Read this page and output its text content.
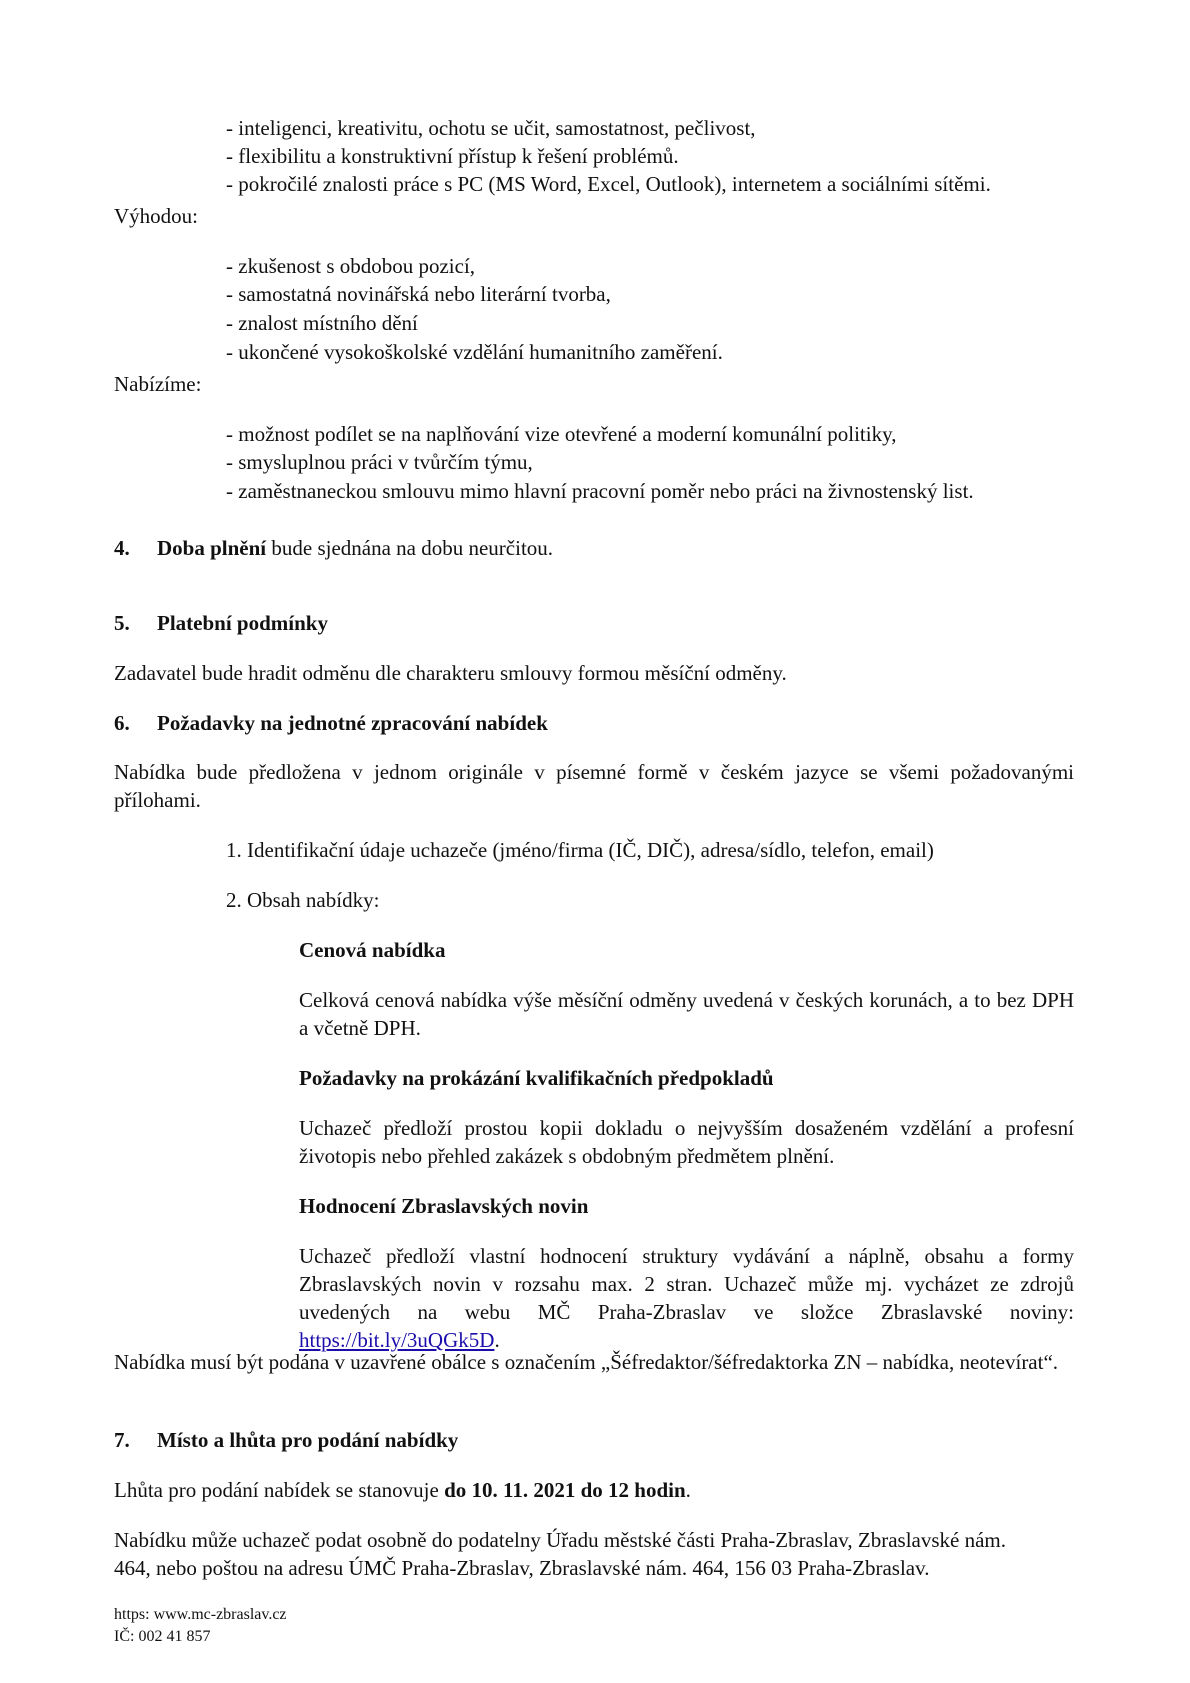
- inteligenci, kreativitu, ochotu se učit, samostatnost, pečlivost,

- flexibilitu a konstruktivní přístup k řešení problémů.

- pokročilé znalosti práce s PC (MS Word, Excel, Outlook), internetem a sociálními sítěmi.

Výhodou:

- zkušenost s obdobou pozicí,

- samostatná novinářská nebo literární tvorba,

- znalost místního dění

- ukončené vysokoškolské vzdělání humanitního zaměření.

Nabízíme:

- možnost podílet se na naplňování vize otevřené a moderní komunální politiky,

- smysluplnou práci v tvůrčím týmu,

- zaměstnaneckou smlouvu mimo hlavní pracovní poměr nebo práci na živnostenský list.

4. Doba plnění bude sjednána na dobu neurčitou.

5. Platební podmínky

Zadavatel bude hradit odměnu dle charakteru smlouvy formou měsíční odměny.

6. Požadavky na jednotné zpracování nabídek

Nabídka bude předložena v jednom originále v písemné formě v českém jazyce se všemi požadovanými přílohami.

1. Identifikační údaje uchazeče (jméno/firma (IČ, DIČ), adresa/sídlo, telefon, email)

2. Obsah nabídky:

Cenová nabídka

Celková cenová nabídka výše měsíční odměny uvedená v českých korunách, a to bez DPH a včetně DPH.

Požadavky na prokázání kvalifikačních předpokladů

Uchazeč předloží prostou kopii dokladu o nejvyšším dosaženém vzdělání a profesní životopis nebo přehled zakázek s obdobným předmětem plnění.

Hodnocení Zbraslavských novin

Uchazeč předloží vlastní hodnocení struktury vydávání a náplně, obsahu a formy Zbraslavských novin v rozsahu max. 2 stran. Uchazeč může mj. vycházet ze zdrojů uvedených na webu MČ Praha-Zbraslav ve složce Zbraslavské noviny: https://bit.ly/3uQGk5D.

Nabídka musí být podána v uzavřené obálce s označením „Šéfredaktor/šéfredaktorka ZN – nabídka, neotevírat“.

7. Místo a lhůta pro podání nabídky

Lhůta pro podání nabídek se stanovuje do 10. 11. 2021 do 12 hodin.

Nabídku může uchazeč podat osobně do podatelny Úřadu městské části Praha-Zbraslav, Zbraslavské nám.

464, nebo poštou na adresu ÚMČ Praha-Zbraslav, Zbraslavské nám. 464, 156 03 Praha-Zbraslav.

https: www.mc-zbraslav.cz
IČ: 002 41 857
